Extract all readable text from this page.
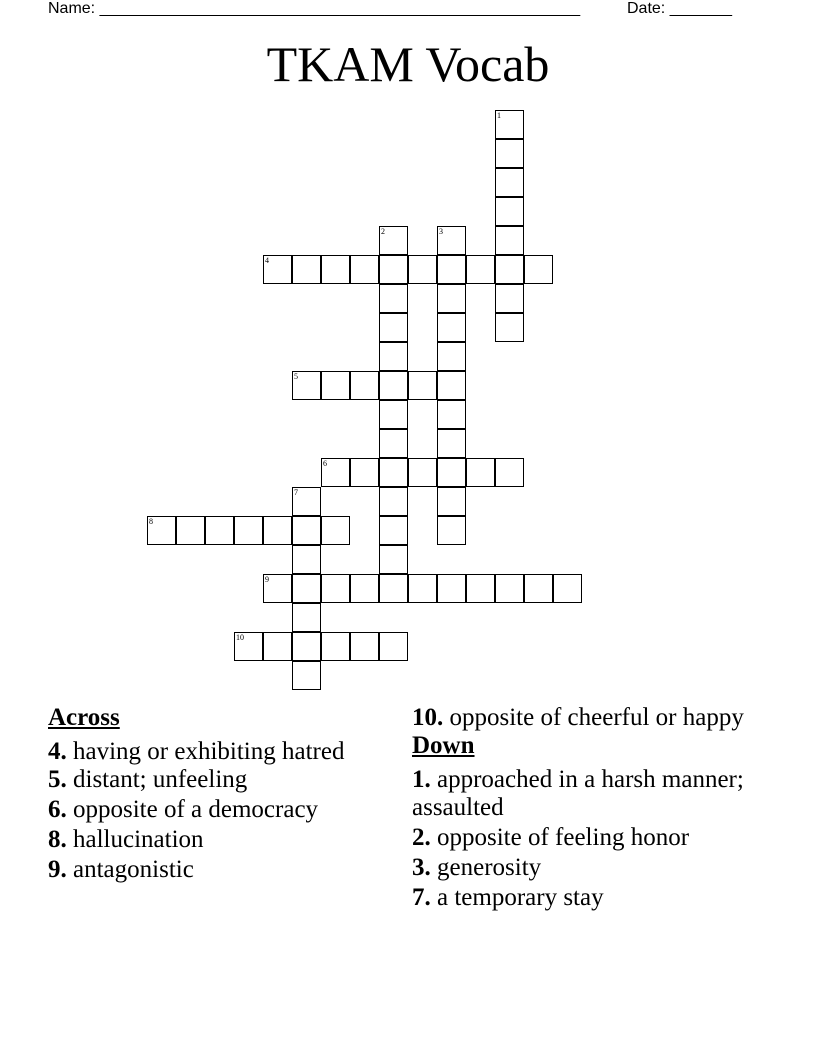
Name: ______________________________________________________	Date: _______
TKAM Vocab
1
2	3
4
5
6
7
8
9
10
Across
4. having or exhibiting hatred
5. distant; unfeeling
6. opposite of a democracy
8. hallucination
9. antagonistic
10. opposite of cheerful or happy
Down
1. approached in a harsh manner; assaulted
2. opposite of feeling honor
3. generosity
7. a temporary stay
